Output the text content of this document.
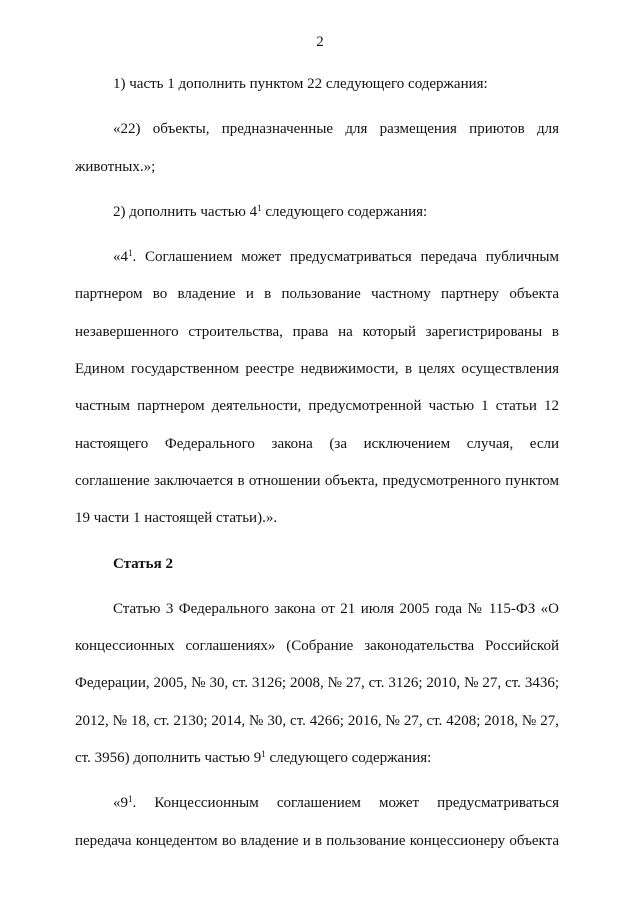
2

1) часть 1 дополнить пунктом 22 следующего содержания:

«22) объекты, предназначенные для размещения приютов для животных.»;

2) дополнить частью $4^1$ следующего содержания:

«$4^1$. Соглашением может предусматриваться передача публичным партнером во владение и в пользование частному партнеру объекта незавершенного строительства, права на который зарегистрированы в Едином государственном реестре недвижимости, в целях осуществления частным партнером деятельности, предусмотренной частью 1 статьи 12 настоящего Федерального закона (за исключением случая, если соглашение заключается в отношении объекта, предусмотренного пунктом 19 части 1 настоящей статьи).».

Статья 2

Статью 3 Федерального закона от 21 июля 2005 года № 115-ФЗ «О концессионных соглашениях» (Собрание законодательства Российской Федерации, 2005, № 30, ст. 3126; 2008, № 27, ст. 3126; 2010, № 27, ст. 3436; 2012, № 18, ст. 2130; 2014, № 30, ст. 4266; 2016, № 27, ст. 4208; 2018, № 27, ст. 3956) дополнить частью $9^1$ следующего содержания:

«$9^1$. Концессионным соглашением может предусматриваться передача концедентом во владение и в пользование концессионеру объекта
